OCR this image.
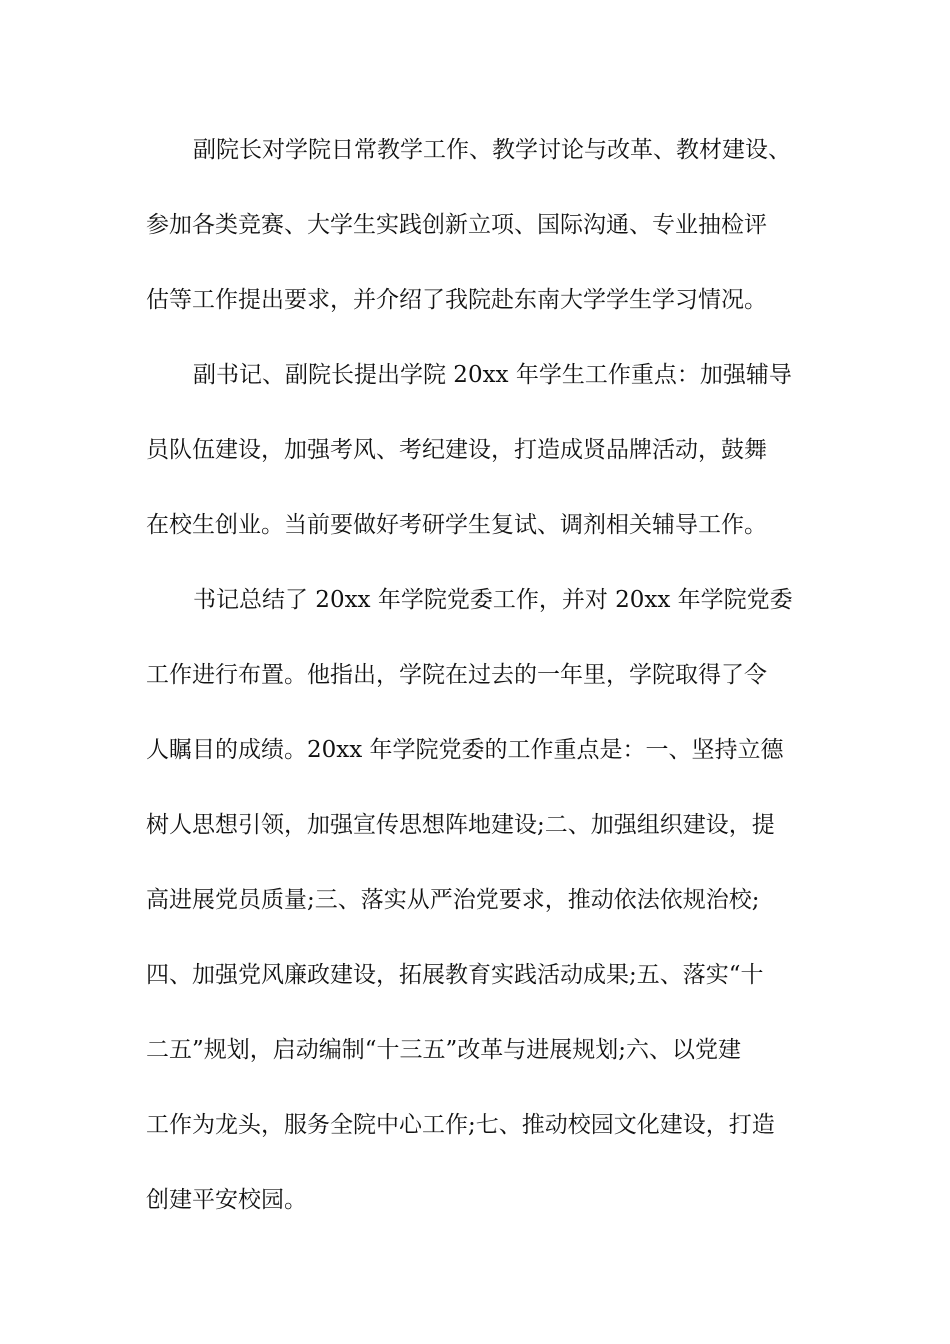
副院长对学院日常教学工作、教学讨论与改革、教材建设、
参加各类竞赛、大学生实践创新立项、国际沟通、专业抽检评
估等工作提出要求，并介绍了我院赴东南大学学生学习情况。
副书记、副院长提出学院 20xx 年学生工作重点：加强辅导
员队伍建设，加强考风、考纪建设，打造成贤品牌活动，鼓舞
在校生创业。当前要做好考研学生复试、调剂相关辅导工作。
书记总结了 20xx 年学院党委工作，并对 20xx 年学院党委
工作进行布置。他指出，学院在过去的一年里，学院取得了令
人瞩目的成绩。20xx 年学院党委的工作重点是：一、坚持立德
树人思想引领，加强宣传思想阵地建设;二、加强组织建设，提
高进展党员质量;三、落实从严治党要求，推动依法依规治校;
四、加强党风廉政建设，拓展教育实践活动成果;五、落实“十
二五”规划，启动编制“十三五”改革与进展规划;六、以党建
工作为龙头，服务全院中心工作;七、推动校园文化建设，打造
创建平安校园。
